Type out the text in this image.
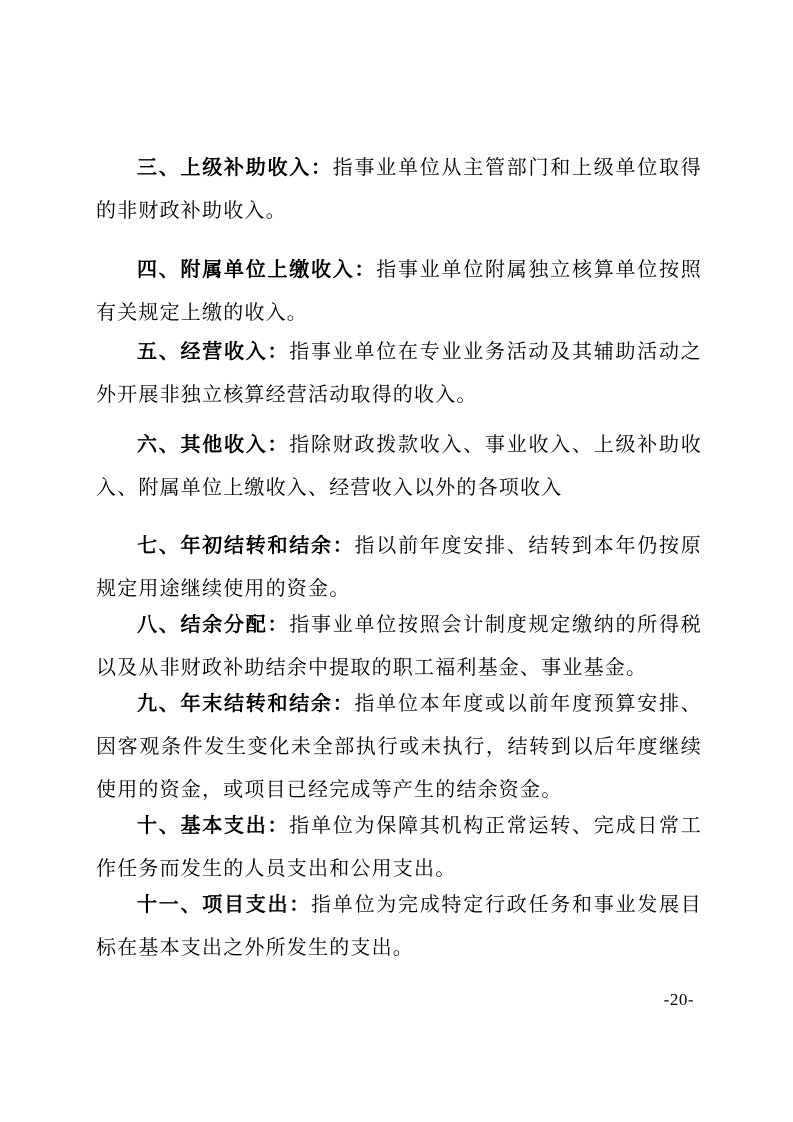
三、上级补助收入：指事业单位从主管部门和上级单位取得的非财政补助收入。

四、附属单位上缴收入：指事业单位附属独立核算单位按照有关规定上缴的收入。

五、经营收入：指事业单位在专业业务活动及其辅助活动之外开展非独立核算经营活动取得的收入。

六、其他收入：指除财政拨款收入、事业收入、上级补助收入、附属单位上缴收入、经营收入以外的各项收入

七、年初结转和结余：指以前年度安排、结转到本年仍按原规定用途继续使用的资金。

八、结余分配：指事业单位按照会计制度规定缴纳的所得税以及从非财政补助结余中提取的职工福利基金、事业基金。

九、年末结转和结余：指单位本年度或以前年度预算安排、因客观条件发生变化未全部执行或未执行，结转到以后年度继续使用的资金，或项目已经完成等产生的结余资金。

十、基本支出：指单位为保障其机构正常运转、完成日常工作任务而发生的人员支出和公用支出。

十一、项目支出：指单位为完成特定行政任务和事业发展目标在基本支出之外所发生的支出。

-20-
